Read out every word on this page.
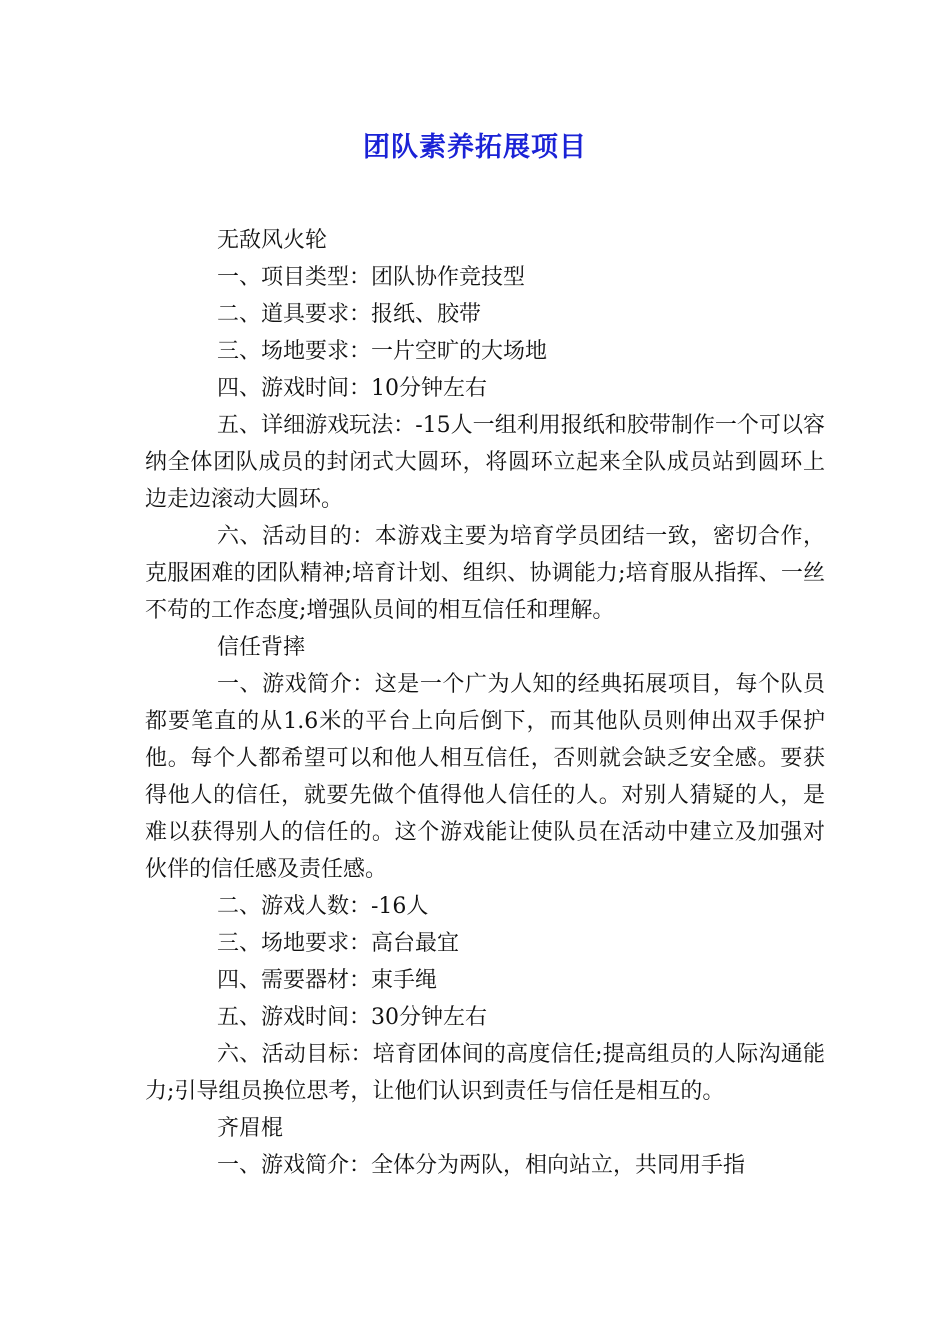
团队素养拓展项目

无敌风火轮

一、项目类型：团队协作竞技型

二、道具要求：报纸、胶带

三、场地要求：一片空旷的大场地

四、游戏时间：10分钟左右

五、详细游戏玩法：-15人一组利用报纸和胶带制作一个可以容纳全体团队成员的封闭式大圆环，将圆环立起来全队成员站到圆环上边走边滚动大圆环。

六、活动目的：本游戏主要为培育学员团结一致，密切合作，克服困难的团队精神;培育计划、组织、协调能力;培育服从指挥、一丝不苟的工作态度;增强队员间的相互信任和理解。

信任背摔

一、游戏简介：这是一个广为人知的经典拓展项目，每个队员都要笔直的从1.6米的平台上向后倒下，而其他队员则伸出双手保护他。每个人都希望可以和他人相互信任，否则就会缺乏安全感。要获得他人的信任，就要先做个值得他人信任的人。对别人猜疑的人，是难以获得别人的信任的。这个游戏能让使队员在活动中建立及加强对伙伴的信任感及责任感。

二、游戏人数：-16人

三、场地要求：高台最宜

四、需要器材：束手绳

五、游戏时间：30分钟左右

六、活动目标：培育团体间的高度信任;提高组员的人际沟通能力;引导组员换位思考，让他们认识到责任与信任是相互的。

齐眉棍

一、游戏简介：全体分为两队，相向站立，共同用手指
